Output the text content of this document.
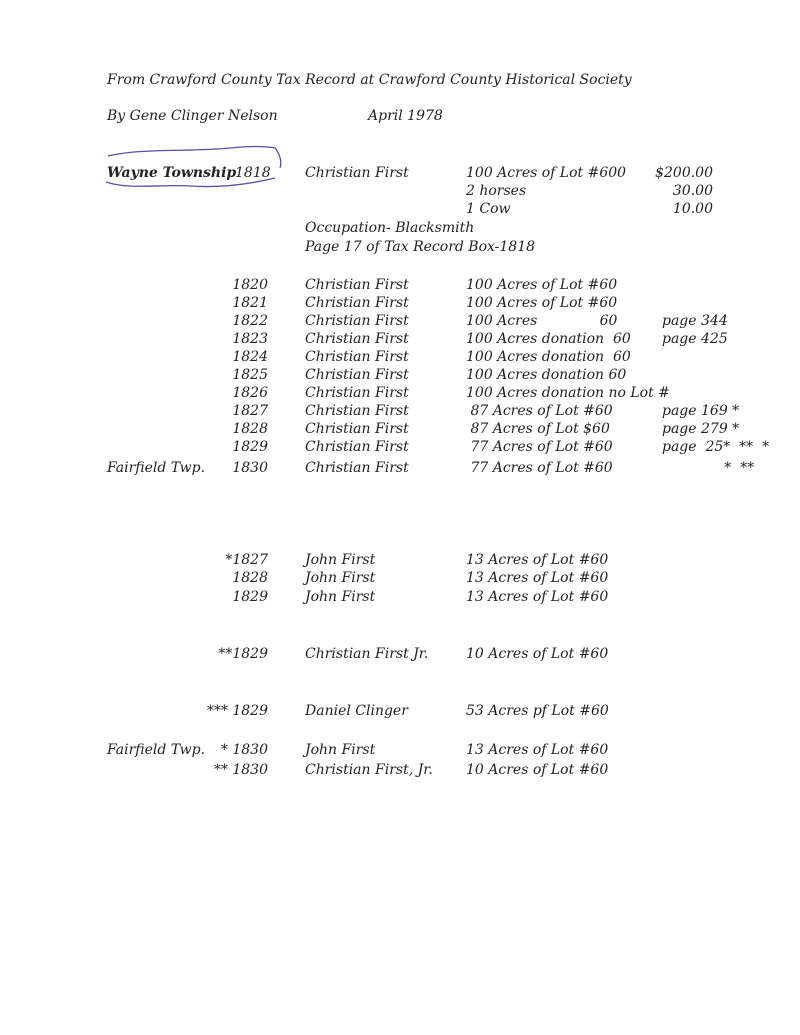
From Crawford County Tax Record at Crawford County Historical Society
By Gene Clinger Nelson	April 1978
Wayne Township
1818 Christian First	100 Acres of Lot #600	$200.00
2 horses	30.00
1 Cow	10.00
Occupation- Blacksmith
Page 17 of Tax Record Box-1818
1820	Christian First	100 Acres of Lot #60
1821	Christian First	100 Acres of Lot #60
1822	Christian First	100 Acres              60	page 344
1823	Christian First	100 Acres donation  60 page 425
1824	Christian First	100 Acres donation  60
1825	Christian First	100 Acres donation 60
1826	Christian First	100 Acres donation no Lot #
1827	Christian First	87 Acres of Lot #60	page 169 *
1828	Christian First	87 Acres of Lot $60	page 279 *
1829	Christian First	77 Acres of Lot #60	page  25*  **  *
Fairfield Twp.	1830	Christian First	77 Acres of Lot #60	*  **
*1827	John First	13 Acres of Lot #60
1828	John First	13 Acres of Lot #60
1829	John First	13 Acres of Lot #60
**1829	Christian First Jr.	10 Acres of Lot #60
*** 1829	Daniel Clinger	53 Acres pf Lot #60
Fairfield Twp.	* 1830	John First	13 Acres of Lot #60
** 1830	Christian First, Jr. 10 Acres of Lot #60
